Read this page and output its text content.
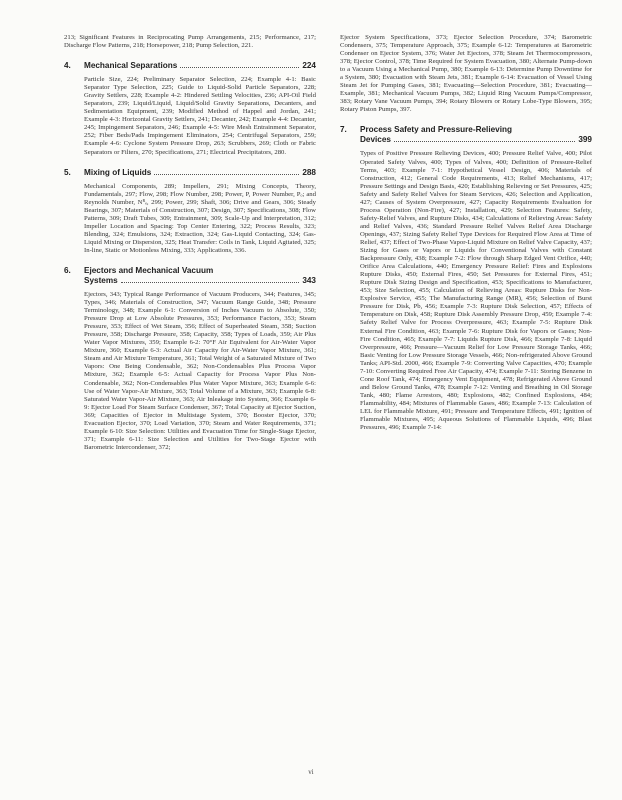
213; Significant Features in Reciprocating Pump Arrangements, 215; Performance, 217; Discharge Flow Patterns, 218; Horsepower, 218; Pump Selection, 221.

4.	Mechanical Separations	224

Particle Size, 224; Preliminary Separator Selection, 224; Example 4-1: Basic Separator Type Selection, 225; Guide to Liquid-Solid Particle Separators, 228; Gravity Settlers, 228; Example 4-2: Hindered Settling Velocities, 236; API-Oil Field Separators, 239; Liquid/Liquid, Liquid/Solid Gravity Separations, Decanters, and Sedimentation Equipment, 239; Modified Method of Happel and Jordan, 241; Example 4-3: Horizontal Gravity Settlers, 241; Decanter, 242; Example 4-4: Decanter, 245; Impingement Separators, 246; Example 4-5: Wire Mesh Entrainment Separator, 252; Fiber Beds/Pads Impingement Eliminators, 254; Centrifugal Separators, 259; Example 4-6: Cyclone System Pressure Drop, 263; Scrubbers, 269; Cloth or Fabric Separators or Filters, 270; Specifications, 271; Electrical Precipitators, 280.

5.	Mixing of Liquids	288

Mechanical Components, 289; Impellers, 291; Mixing Concepts, Theory, Fundamentals, 297; Flow, 298; Flow Number, 298; Power, P, Power Number, Pₒ; and Reynolds Number, Nᴿₑ, 299; Power, 299; Shaft, 306; Drive and Gears, 306; Steady Bearings, 307; Materials of Construction, 307; Design, 307; Specifications, 308; Flow Patterns, 309; Draft Tubes, 309; Entrainment, 309; Scale-Up and Interpretation, 312; Impeller Location and Spacing: Top Center Entering, 322; Process Results, 323; Blending, 324; Emulsions, 324; Extraction, 324; Gas-Liquid Contacting, 324; Gas-Liquid Mixing or Dispersion, 325; Heat Transfer: Coils in Tank, Liquid Agitated, 325; In-line, Static or Motionless Mixing, 333; Applications, 336.

6.	Ejectors and Mechanical Vacuum
Systems	343

Ejectors, 343; Typical Range Performance of Vacuum Producers, 344; Features, 345; Types, 346; Materials of Construction, 347; Vacuum Range Guide, 348; Pressure Terminology, 348; Example 6-1: Conversion of Inches Vacuum to Absolute, 350; Pressure Drop at Low Absolute Pressures, 353; Performance Factors, 353; Steam Pressure, 353; Effect of Wet Steam, 356; Effect of Superheated Steam, 358; Suction Pressure, 358; Discharge Pressure, 358; Capacity, 358; Types of Loads, 359; Air Plus Water Vapor Mixtures, 359; Example 6-2: 70°F Air Equivalent for Air-Water Vapor Mixture, 360; Example 6-3: Actual Air Capacity for Air-Water Vapor Mixture, 361; Steam and Air Mixture Temperature, 361; Total Weight of a Saturated Mixture of Two Vapors: One Being Condensable, 362; Non-Condensables Plus Process Vapor Mixture, 362; Example 6-5: Actual Capacity for Process Vapor Plus Non-Condensable, 362; Non-Condensables Plus Water Vapor Mixture, 363; Example 6-6: Use of Water Vapor-Air Mixture, 363; Total Volume of a Mixture, 363; Example 6-8: Saturated Water Vapor-Air Mixture, 363; Air Inleakage into System, 366; Example 6-9: Ejector Load For Steam Surface Condenser, 367; Total Capacity at Ejector Suction, 369; Capacities of Ejector in Multistage System, 370; Booster Ejector, 370; Evacuation Ejector, 370; Load Variation, 370; Steam and Water Requirements, 371; Example 6-10: Size Selection: Utilities and Evacuation Time for Single-Stage Ejector, 371; Example 6-11: Size Selection and Utilities for Two-Stage Ejector with Barometric Intercondenser, 372;

Ejector System Specifications, 373; Ejector Selection Procedure, 374; Barometric Condensers, 375; Temperature Approach, 375; Example 6-12: Temperatures at Barometric Condenser on Ejector System, 376; Water Jet Ejectors, 378; Steam Jet Thermocompressors, 378; Ejector Control, 378; Time Required for System Evacuation, 380; Alternate Pump-down to a Vacuum Using a Mechanical Pump, 380; Example 6-13: Determine Pump Downtime for a System, 380; Evacuation with Steam Jets, 381; Example 6-14: Evacuation of Vessel Using Steam Jet for Pumping Gases, 381; Evacuating—Selection Procedure, 381; Evacuating—Example, 381; Mechanical Vacuum Pumps, 382; Liquid Ring Vacuum Pumps/Compressor, 383; Rotary Vane Vacuum Pumps, 394; Rotary Blowers or Rotary Lobe-Type Blowers, 395; Rotary Piston Pumps, 397.

7.	Process Safety and Pressure-Relieving
Devices	399

Types of Positive Pressure Relieving Devices, 400; Pressure Relief Valve, 400; Pilot Operated Safety Valves, 400; Types of Valves, 400; Definition of Pressure-Relief Terms, 403; Example 7-1: Hypothetical Vessel Design, 406; Materials of Construction, 412; General Code Requirements, 413; Relief Mechanisms, 417; Pressure Settings and Design Basis, 420; Establishing Relieving or Set Pressures, 425; Safety and Safety Relief Valves for Steam Services, 426; Selection and Application, 427; Causes of System Overpressure, 427; Capacity Requirements Evaluation for Process Operation (Non-Fire), 427; Installation, 429; Selection Features: Safety, Safety-Relief Valves, and Rupture Disks, 434; Calculations of Relieving Areas: Safety and Relief Valves, 436; Standard Pressure Relief Valves Relief Area Discharge Openings, 437; Sizing Safety Relief Type Devices for Required Flow Area at Time of Relief, 437; Effect of Two-Phase Vapor-Liquid Mixture on Relief Valve Capacity, 437; Sizing for Gases or Vapors or Liquids for Conventional Valves with Constant Backpressure Only, 438; Example 7-2: Flow through Sharp Edged Vent Orifice, 440; Orifice Area Calculations, 440; Emergency Pressure Relief: Fires and Explosions Rupture Disks, 450; External Fires, 450; Set Pressures for External Fires, 451; Rupture Disk Sizing Design and Specification, 453; Specifications to Manufacturer, 453; Size Selection, 455; Calculation of Relieving Areas: Rupture Disks for Non-Explosive Service, 455; The Manufacturing Range (MR), 456; Selection of Burst Pressure for Disk, Pb, 456; Example 7-3: Rupture Disk Selection, 457; Effects of Temperature on Disk, 458; Rupture Disk Assembly Pressure Drop, 459; Example 7-4: Safety Relief Valve for Process Overpressure, 463; Example 7-5: Rupture Disk External Fire Condition, 463; Example 7-6: Rupture Disk for Vapors or Gases; Non-Fire Condition, 465; Example 7-7: Liquids Rupture Disk, 466; Example 7-8: Liquid Overpressure, 466; Pressure—Vacuum Relief for Low Pressure Storage Tanks, 466; Basic Venting for Low Pressure Storage Vessels, 466; Non-refrigerated Above Ground Tanks; API-Std. 2000, 466; Example 7-9: Converting Valve Capacities, 470; Example 7-10: Converting Required Free Air Capacity, 474; Example 7-11: Storing Benzene in Cone Roof Tank, 474; Emergency Vent Equipment, 478; Refrigerated Above Ground and Below Ground Tanks, 478; Example 7-12: Venting and Breathing in Oil Storage Tank, 480; Flame Arrestors, 480; Explosions, 482; Confined Explosions, 484; Flammability, 484; Mixtures of Flammable Gases, 486; Example 7-13: Calculation of LEL for Flammable Mixture, 491; Pressure and Temperature Effects, 491; Ignition of Flammable Mixtures, 495; Aqueous Solutions of Flammable Liquids, 496; Blast Pressures, 496; Example 7-14:

vi
